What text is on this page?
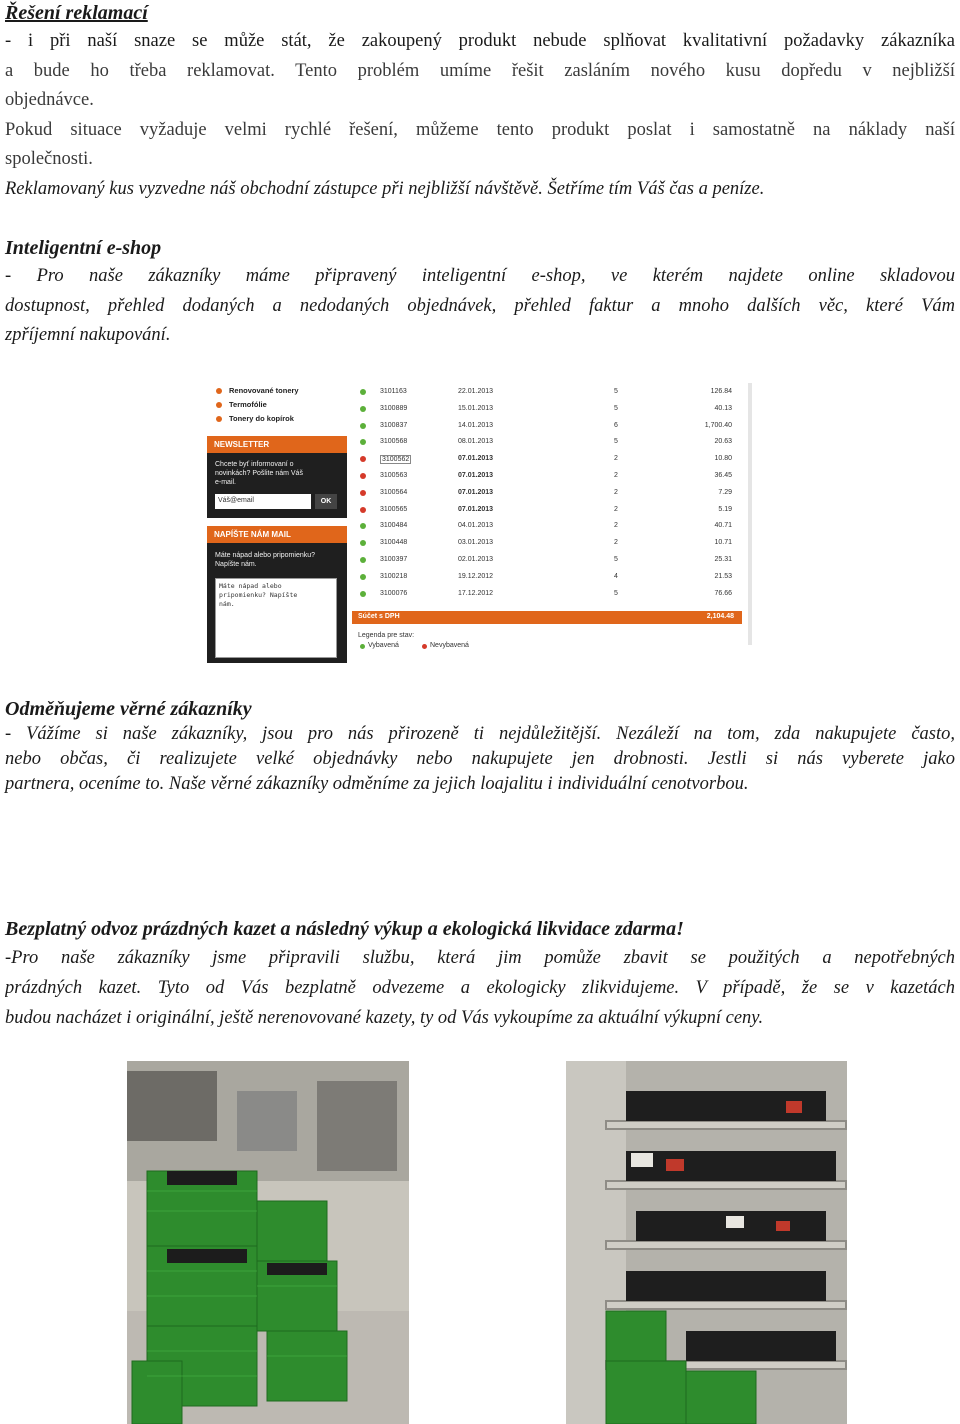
Řešení reklamací
- i při naší snaze se může stát, že zakoupený produkt nebude splňovat kvalitativní požadavky zákazníka
a bude ho třeba reklamovat. Tento problém umíme řešit zasláním nového kusu dopředu v nejbližší
objednávce.
Pokud situace vyžaduje velmi rychlé řešení, můžeme tento produkt poslat i samostatně na náklady naší
společnosti.
Reklamovaný kus vyzvedne náš obchodní zástupce při nejbližší návštěvě. Šetříme tím Váš čas a peníze.
Inteligentní e-shop
- Pro naše zákazníky máme připravený inteligentní e-shop, ve kterém najdete online skladovou
dostupnost, přehled dodaných a nedodaných objednávek, přehled faktur a mnoho dalších věc, které Vám
zpříjemní nakupování.
Renovované tonery
Termofólie
Tonery do kopírok
NEWSLETTER
Chcete byť informovaní o
novinkách? Pošlite nám Váš
e-mail.
Váš@email	OK
NAPÍŠTE NÁM MAIL
Máte nápad alebo pripomienku?
Napíšte nám.
Máte nápad alebo
pripomienku? Napíšte
nám.
3101163	22.01.2013	5	126.84
3100889	15.01.2013	5	40.13
3100837	14.01.2013	6	1,700.40
3100568	08.01.2013	5	20.63
3100562	07.01.2013	2	10.80
3100563	07.01.2013	2	36.45
3100564	07.01.2013	2	7.29
3100565	07.01.2013	2	5.19
3100484	04.01.2013	2	40.71
3100448	03.01.2013	2	10.71
3100397	02.01.2013	5	25.31
3100218	19.12.2012	4	21.53
3100076	17.12.2012	5	76.66
Súčet s DPH	2,104.48
Legenda pre stav:
Vybavená	Nevybavená
Odměňujeme věrné zákazníky
- Vážíme si naše zákazníky, jsou pro nás přirozeně ti nejdůležitější. Nezáleží na tom, zda nakupujete často,
nebo občas, či realizujete velké objednávky nebo nakupujete jen drobnosti. Jestli si nás vyberete jako
partnera, oceníme to. Naše věrné zákazníky odměníme za jejich loajalitu i individuální cenotvorbou.
Bezplatný odvoz prázdných kazet a následný výkup a ekologická likvidace zdarma!
-Pro naše zákazníky jsme připravili službu, která jim pomůže zbavit se použitých a nepotřebných
prázdných kazet. Tyto od Vás bezplatně odvezeme a ekologicky zlikvidujeme. V případě, že se v kazetách
budou nacházet i originální, ještě nerenovované kazety, ty od Vás vykoupíme za aktuální výkupní ceny.
